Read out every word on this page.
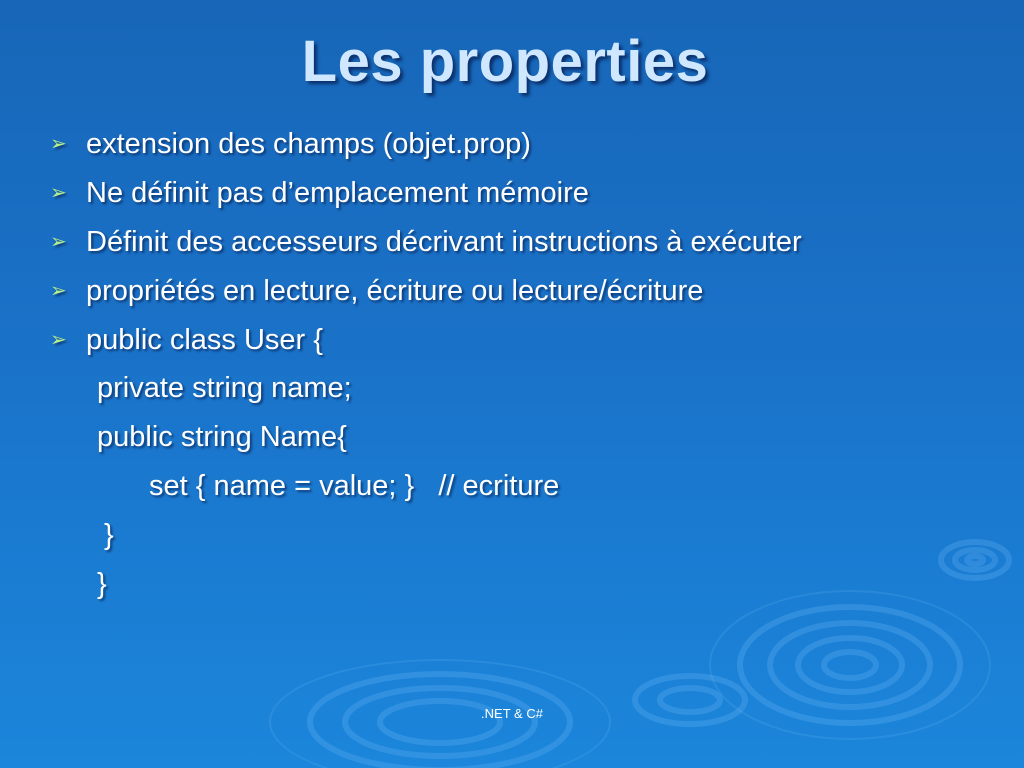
Les properties
➢ extension des champs (objet.prop)
➢ Ne définit pas d’emplacement mémoire
➢ Définit des accesseurs décrivant instructions à exécuter
➢ propriétés en lecture, écriture ou lecture/écriture
➢ public class User {
private string name;
public string Name{
set { name = value; }   // ecriture
}
}
.NET & C#
